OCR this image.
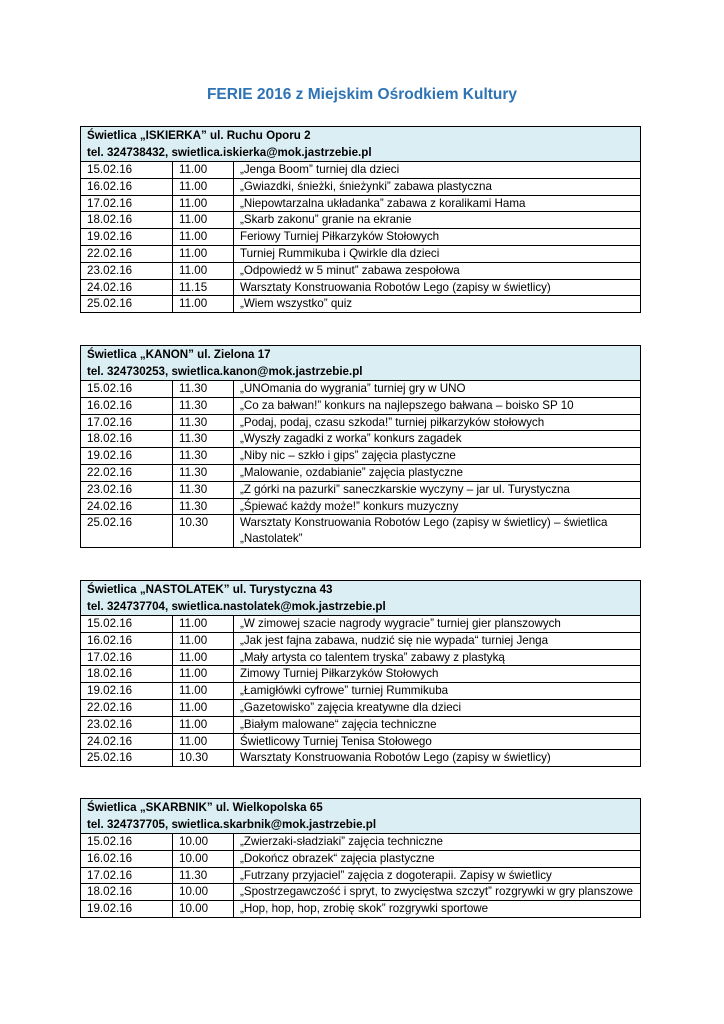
FERIE 2016 z Miejskim Ośrodkiem Kultury
Świetlica „ISKIERKA” ul. Ruchu Oporu 2
tel. 324738432, swietlica.iskierka@mok.jastrzebie.pl		

15.02.16	11.00	„Jenga Boom” turniej dla dzieci
16.02.16	11.00	„Gwiazdki, śnieżki, śnieżynki” zabawa plastyczna
17.02.16	11.00	„Niepowtarzalna układanka” zabawa z koralikami Hama
18.02.16	11.00	„Skarb zakonu” granie na ekranie
19.02.16	11.00	Feriowy Turniej Piłkarzyków Stołowych
22.02.16	11.00	Turniej Rummikuba i Qwirkle dla dzieci
23.02.16	11.00	„Odpowiedź w 5 minut” zabawa zespołowa
24.02.16	11.15	Warsztaty Konstruowania Robotów Lego (zapisy w świetlicy)
25.02.16	11.00	„Wiem wszystko” quiz
Świetlica „KANON” ul. Zielona 17
tel. 324730253, swietlica.kanon@mok.jastrzebie.pl		

15.02.16	11.30	„UNOmania do wygrania” turniej gry w UNO
16.02.16	11.30	„Co za bałwan!” konkurs na najlepszego bałwana – boisko SP 10
17.02.16	11.30	„Podaj, podaj, czasu szkoda!” turniej piłkarzyków stołowych
18.02.16	11.30	„Wyszły zagadki z worka” konkurs zagadek
19.02.16	11.30	„Niby nic – szkło i gips” zajęcia plastyczne
22.02.16	11.30	„Malowanie, ozdabianie” zajęcia plastyczne
23.02.16	11.30	„Z górki na pazurki” saneczkarskie wyczyny – jar ul. Turystyczna
24.02.16	11.30	„Śpiewać każdy może!” konkurs muzyczny
25.02.16	10.30	Warsztaty Konstruowania Robotów Lego (zapisy w świetlicy) – świetlica „Nastolatek”
Świetlica „NASTOLATEK” ul. Turystyczna 43
tel. 324737704, swietlica.nastolatek@mok.jastrzebie.pl		

15.02.16	11.00	„W zimowej szacie nagrody wygracie” turniej gier planszowych
16.02.16	11.00	„Jak jest fajna zabawa, nudzić się nie wypada“ turniej Jenga
17.02.16	11.00	„Mały artysta co talentem tryska” zabawy z plastyką
18.02.16	11.00	Zimowy Turniej Piłkarzyków Stołowych
19.02.16	11.00	„Łamigłówki cyfrowe” turniej Rummikuba
22.02.16	11.00	„Gazetowisko” zajęcia kreatywne dla dzieci
23.02.16	11.00	„Białym malowane“ zajęcia techniczne
24.02.16	11.00	Świetlicowy Turniej Tenisa Stołowego
25.02.16	10.30	Warsztaty Konstruowania Robotów Lego (zapisy w świetlicy)
Świetlica „SKARBNIK” ul. Wielkopolska 65
tel. 324737705, swietlica.skarbnik@mok.jastrzebie.pl		

15.02.16	10.00	„Zwierzaki-sładziaki” zajęcia techniczne
16.02.16	10.00	„Dokończ obrazek“ zajęcia plastyczne
17.02.16	11.30	„Futrzany przyjaciel” zajęcia z dogoterapii. Zapisy w świetlicy
18.02.16	10.00	„Spostrzegawczość i spryt, to zwycięstwa szczyt” rozgrywki w gry planszowe
19.02.16	10.00	„Hop, hop, hop, zrobię skok” rozgrywki sportowe
